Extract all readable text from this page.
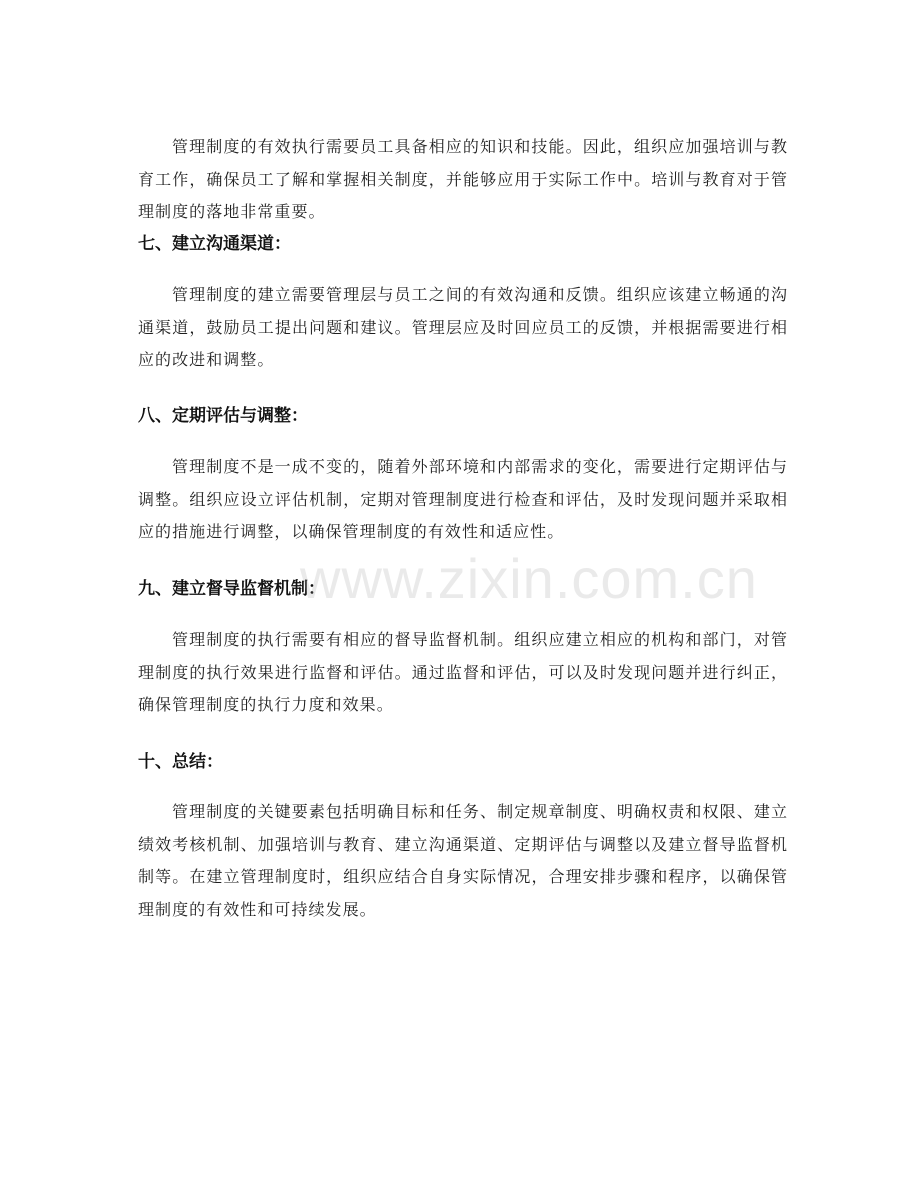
管理制度的有效执行需要员工具备相应的知识和技能。因此，组织应加强培训与教育工作，确保员工了解和掌握相关制度，并能够应用于实际工作中。培训与教育对于管理制度的落地非常重要。

七、建立沟通渠道：

管理制度的建立需要管理层与员工之间的有效沟通和反馈。组织应该建立畅通的沟通渠道，鼓励员工提出问题和建议。管理层应及时回应员工的反馈，并根据需要进行相应的改进和调整。

八、定期评估与调整：

管理制度不是一成不变的，随着外部环境和内部需求的变化，需要进行定期评估与调整。组织应设立评估机制，定期对管理制度进行检查和评估，及时发现问题并采取相应的措施进行调整，以确保管理制度的有效性和适应性。

九、建立督导监督机制：

管理制度的执行需要有相应的督导监督机制。组织应建立相应的机构和部门，对管理制度的执行效果进行监督和评估。通过监督和评估，可以及时发现问题并进行纠正，确保管理制度的执行力度和效果。

十、总结：

管理制度的关键要素包括明确目标和任务、制定规章制度、明确权责和权限、建立绩效考核机制、加强培训与教育、建立沟通渠道、定期评估与调整以及建立督导监督机制等。在建立管理制度时，组织应结合自身实际情况，合理安排步骤和程序，以确保管理制度的有效性和可持续发展。

www.zixin.com.cn
